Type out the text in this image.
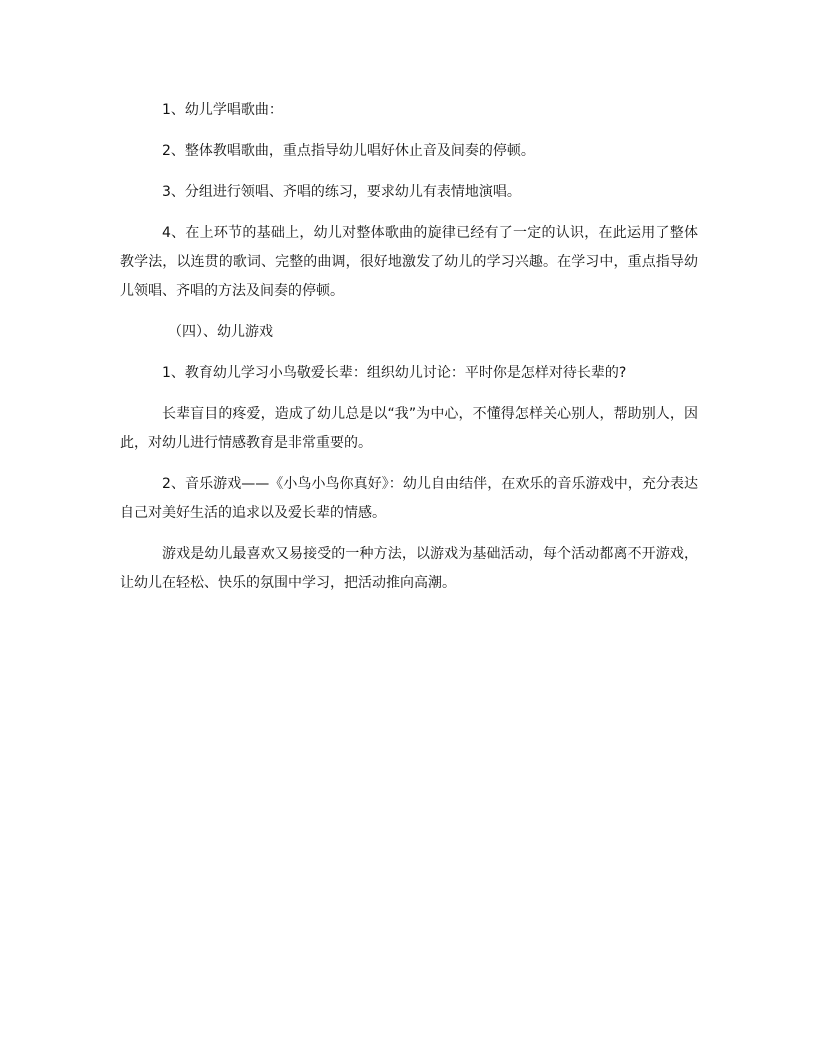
1、幼儿学唱歌曲：

2、整体教唱歌曲，重点指导幼儿唱好休止音及间奏的停顿。

3、分组进行领唱、齐唱的练习，要求幼儿有表情地演唱。

4、在上环节的基础上，幼儿对整体歌曲的旋律已经有了一定的认识，在此运用了整体教学法，以连贯的歌词、完整的曲调，很好地激发了幼儿的学习兴趣。在学习中，重点指导幼儿领唱、齐唱的方法及间奏的停顿。

（四）、幼儿游戏

1、教育幼儿学习小鸟敬爱长辈：组织幼儿讨论：平时你是怎样对待长辈的?

长辈盲目的疼爱，造成了幼儿总是以“我”为中心，不懂得怎样关心别人，帮助别人，因此，对幼儿进行情感教育是非常重要的。

2、音乐游戏——《小鸟小鸟你真好》：幼儿自由结伴，在欢乐的音乐游戏中，充分表达自己对美好生活的追求以及爱长辈的情感。

游戏是幼儿最喜欢又易接受的一种方法，以游戏为基础活动，每个活动都离不开游戏，让幼儿在轻松、快乐的氛围中学习，把活动推向高潮。
